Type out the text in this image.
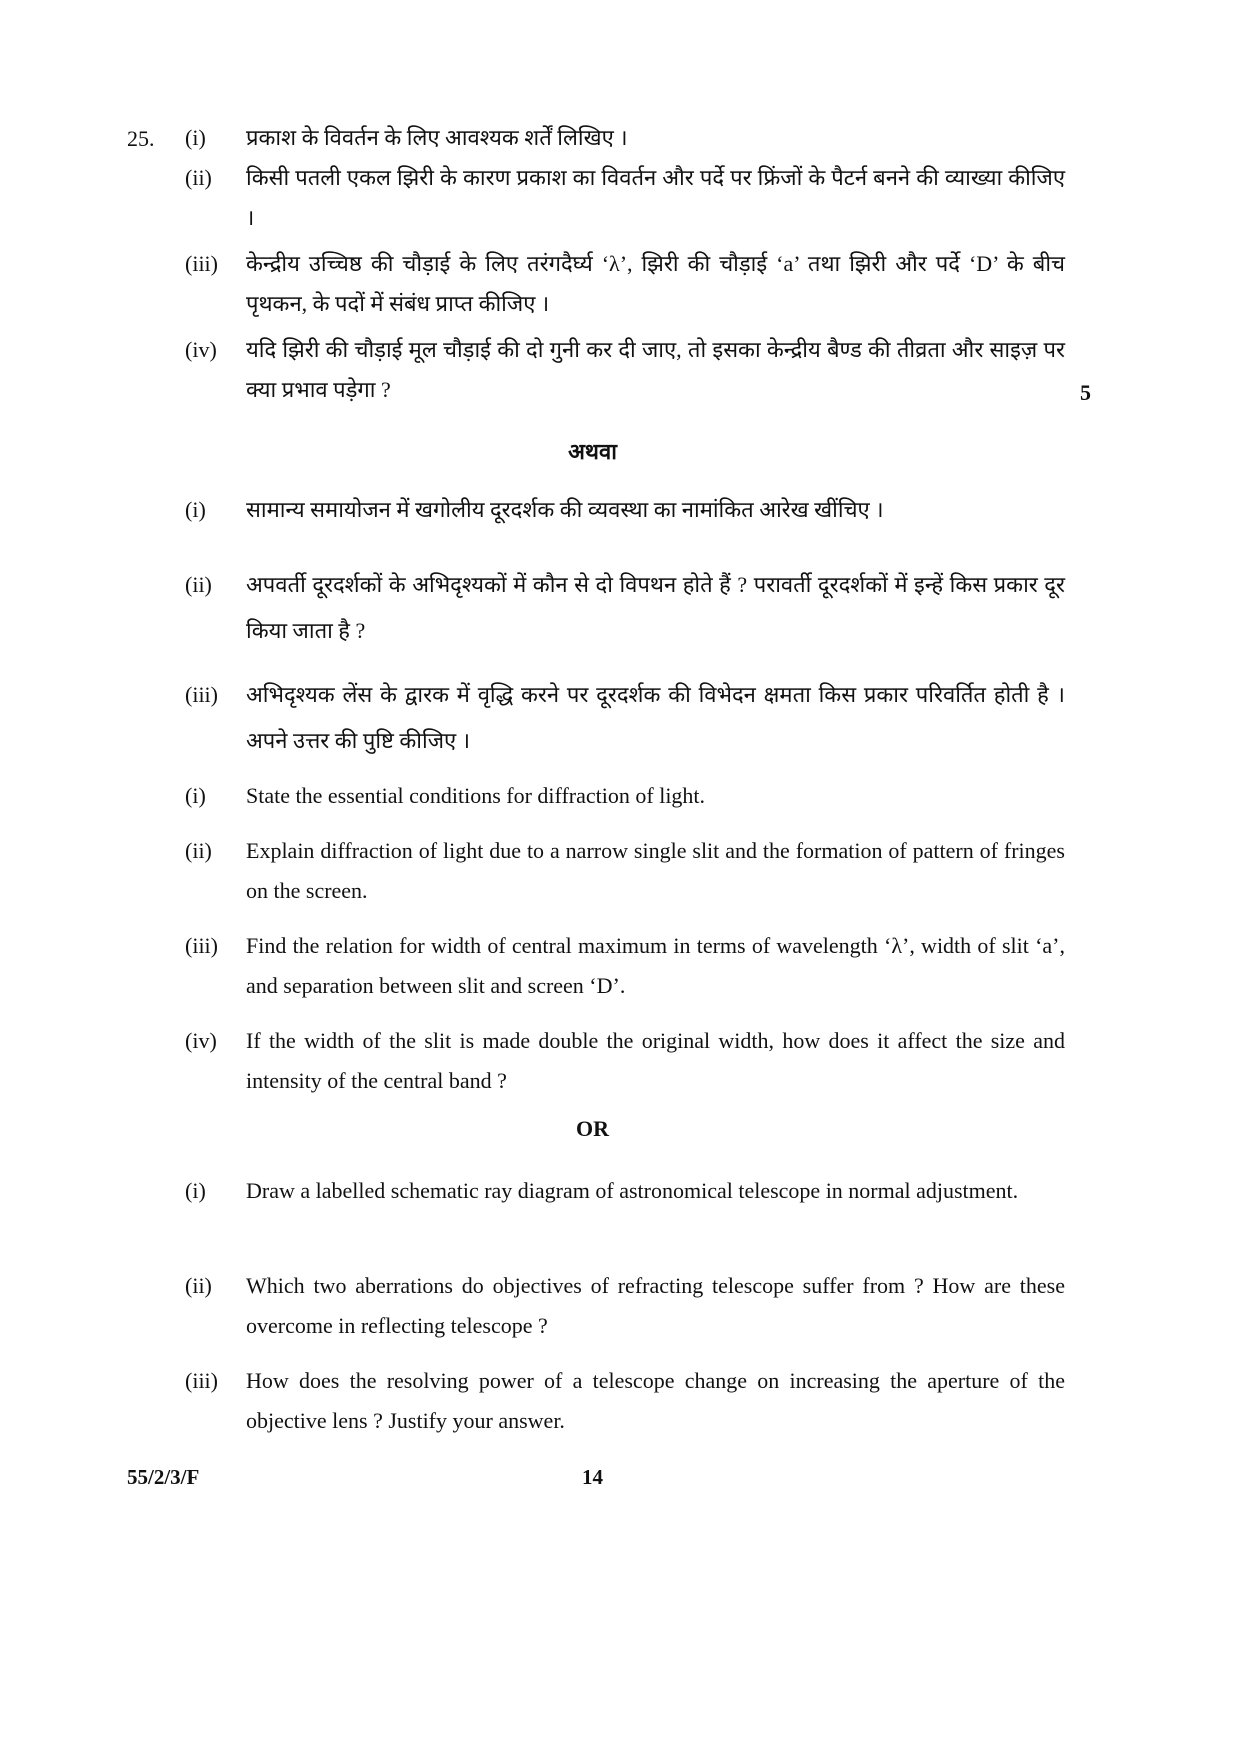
25. (i)	प्रकाश के विवर्तन के लिए आवश्यक शर्तें लिखिए ।
(ii)	किसी पतली एकल झिरी के कारण प्रकाश का विवर्तन और पर्दे पर फ्रिंजों के पैटर्न बनने की व्याख्या कीजिए ।
(iii)	केन्द्रीय उच्चिष्ठ की चौड़ाई के लिए तरंगदैर्घ्य ‘λ’, झिरी की चौड़ाई ‘a’ तथा झिरी और पर्दे ‘D’ के बीच पृथकन, के पदों में संबंध प्राप्त कीजिए ।
(iv)	यदि झिरी की चौड़ाई मूल चौड़ाई की दो गुनी कर दी जाए, तो इसका केन्द्रीय बैण्ड की तीव्रता और साइज़ पर क्या प्रभाव पड़ेगा ?	5
अथवा
(i)	सामान्य समायोजन में खगोलीय दूरदर्शक की व्यवस्था का नामांकित आरेख खींचिए ।
(ii)	अपवर्ती दूरदर्शकों के अभिदृश्यकों में कौन से दो विपथन होते हैं ? परावर्ती दूरदर्शकों में इन्हें किस प्रकार दूर किया जाता है ?
(iii)	अभिदृश्यक लेंस के द्वारक में वृद्धि करने पर दूरदर्शक की विभेदन क्षमता किस प्रकार परिवर्तित होती है । अपने उत्तर की पुष्टि कीजिए ।
(i)	State the essential conditions for diffraction of light.
(ii)	Explain diffraction of light due to a narrow single slit and the formation of pattern of fringes on the screen.
(iii)	Find the relation for width of central maximum in terms of wavelength ‘λ’, width of slit ‘a’, and separation between slit and screen ‘D’.
(iv)	If the width of the slit is made double the original width, how does it affect the size and intensity of the central band ?
OR
(i)	Draw a labelled schematic ray diagram of astronomical telescope in normal adjustment.
(ii)	Which two aberrations do objectives of refracting telescope suffer from ? How are these overcome in reflecting telescope ?
(iii)	How does the resolving power of a telescope change on increasing the aperture of the objective lens ? Justify your answer.
55/2/3/F	14
